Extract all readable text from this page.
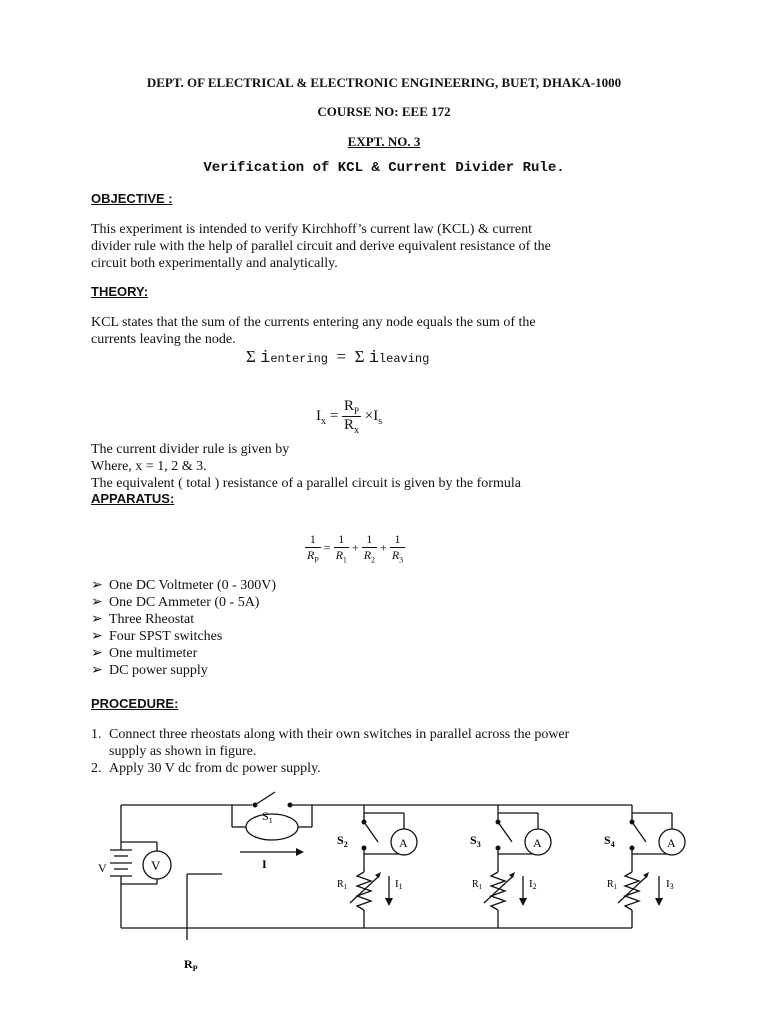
DEPT. OF ELECTRICAL & ELECTRONIC ENGINEERING, BUET, DHAKA-1000
COURSE NO: EEE 172
EXPT. NO. 3
Verification of KCL & Current Divider Rule.
OBJECTIVE :
This experiment is intended to verify Kirchhoff’s current law (KCL) & current
divider rule with the help of parallel circuit and derive equivalent resistance of the
circuit both experimentally and analytically.
THEORY:
KCL states that the sum of the currents entering any node equals the sum of the
currents leaving the node.
Σ ientering = Σ ileaving
$I_x = \frac{R_P}{R_x} \times I_s$
The current divider rule is given by
Where, x = 1, 2 & 3.
The equivalent ( total ) resistance of a parallel circuit is given by the formula
APPARATUS:
$\frac{1}{R_P} = \frac{1}{R_1} + \frac{1}{R_2} + \frac{1}{R_3}$
➢ One DC Voltmeter (0 - 300V)
➢ One DC Ammeter (0 - 5A)
➢ Three Rheostat
➢ Four SPST switches
➢ One multimeter
➢ DC power supply
PROCEDURE:
1. Connect three rheostats along with their own switches in parallel across the power
supply as shown in figure.
2. Apply 30 V dc from dc power supply.
V	V
$S_1$
I
$R_P$
A
$S_2$
$R_1$	I1
A
$S_3$
$R_1$	I2
A
$S_4$
$R_1$	I3
